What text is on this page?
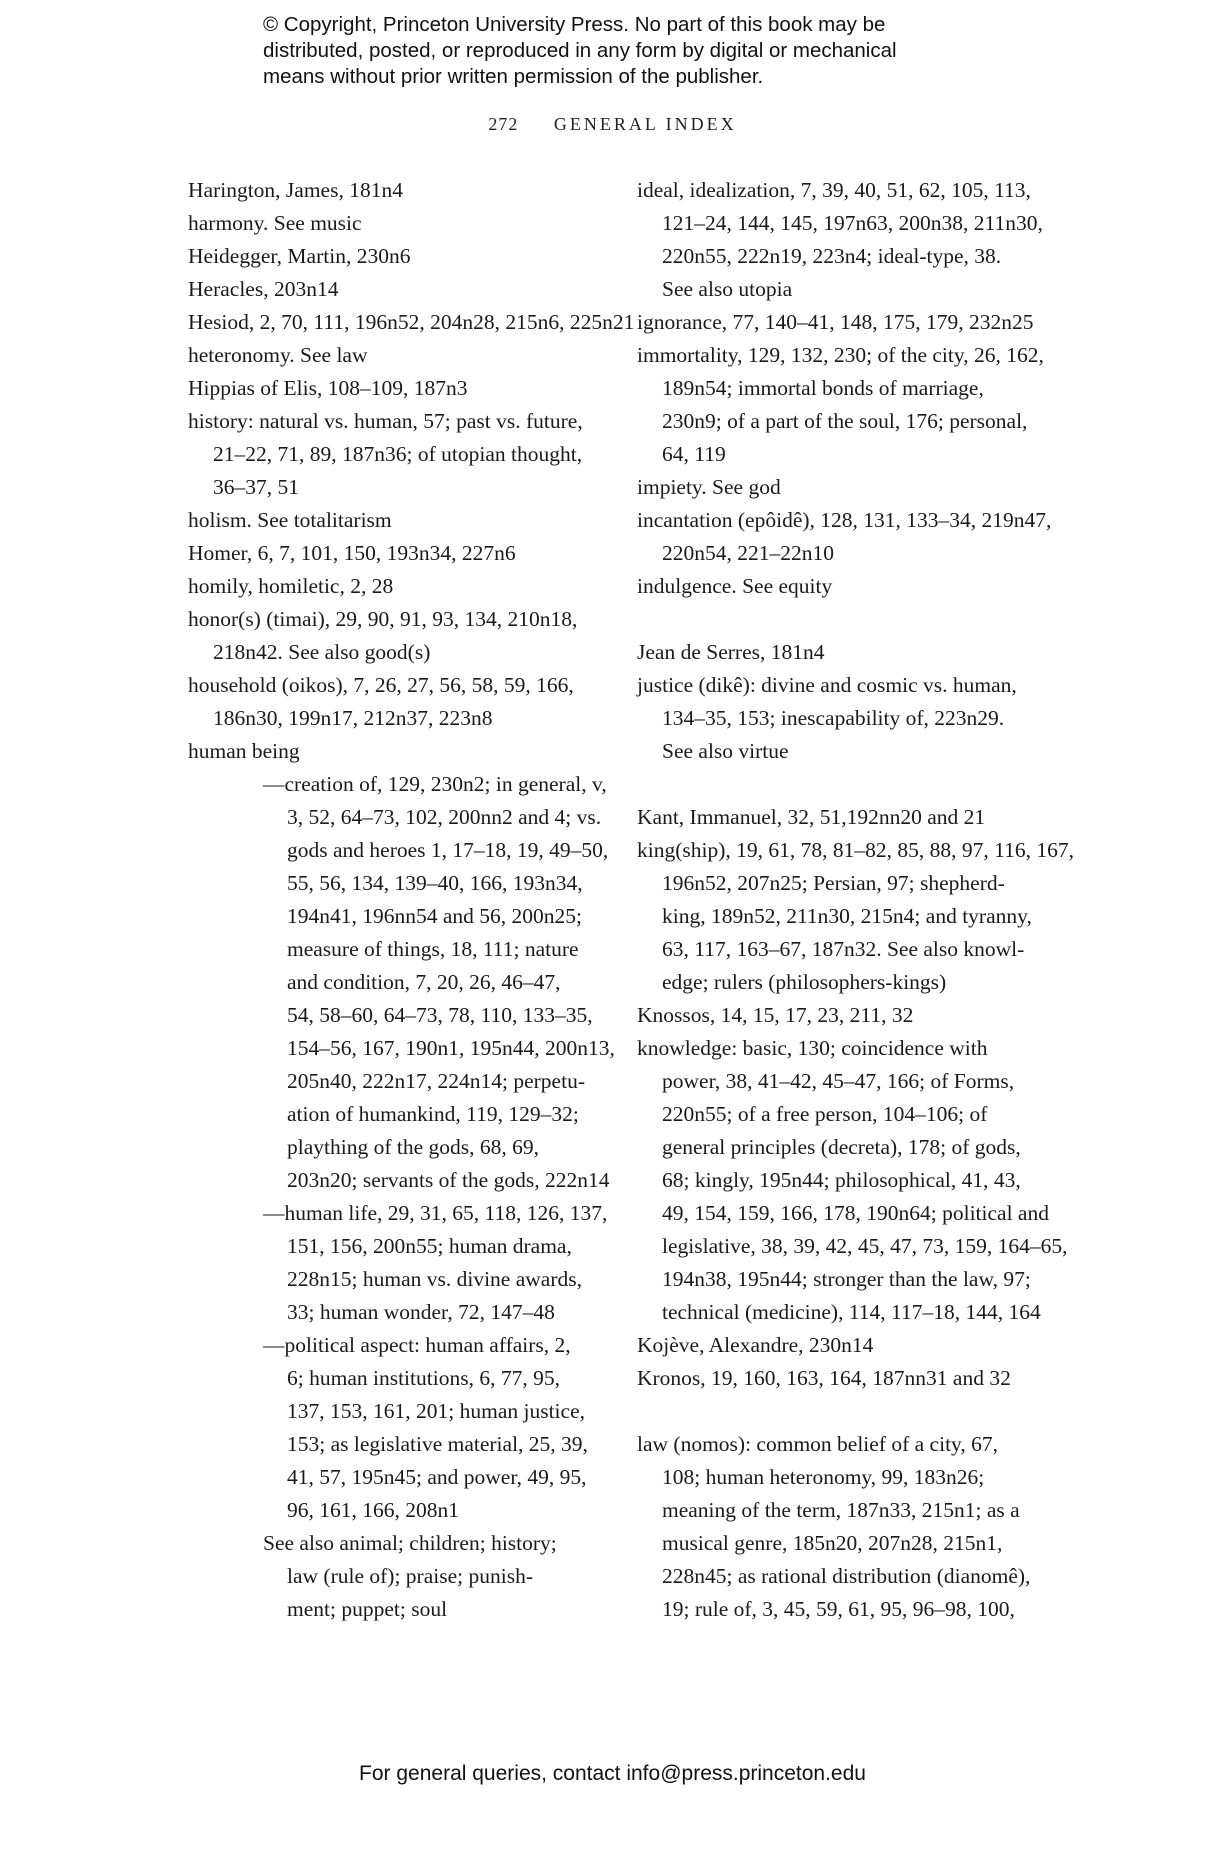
© Copyright, Princeton University Press. No part of this book may be
distributed, posted, or reproduced in any form by digital or mechanical
means without prior written permission of the publisher.
272 GENERAL INDEX
Harington, James, 181n4
harmony. See music
Heidegger, Martin, 230n6
Heracles, 203n14
Hesiod, 2, 70, 111, 196n52, 204n28, 215n6, 225n21
heteronomy. See law
Hippias of Elis, 108–109, 187n3
history: natural vs. human, 57; past vs. future,
21–22, 71, 89, 187n36; of utopian thought,
36–37, 51
holism. See totalitarism
Homer, 6, 7, 101, 150, 193n34, 227n6
homily, homiletic, 2, 28
honor(s) (timai), 29, 90, 91, 93, 134, 210n18,
218n42. See also good(s)
household (oikos), 7, 26, 27, 56, 58, 59, 166,
186n30, 199n17, 212n37, 223n8
human being
—creation of, 129, 230n2; in general, v,
3, 52, 64–73, 102, 200nn2 and 4; vs.
gods and heroes 1, 17–18, 19, 49–50,
55, 56, 134, 139–40, 166, 193n34,
194n41, 196nn54 and 56, 200n25;
measure of things, 18, 111; nature
and condition, 7, 20, 26, 46–47,
54, 58–60, 64–73, 78, 110, 133–35,
154–56, 167, 190n1, 195n44, 200n13,
205n40, 222n17, 224n14; perpetu-
ation of humankind, 119, 129–32;
plaything of the gods, 68, 69,
203n20; servants of the gods, 222n14
—human life, 29, 31, 65, 118, 126, 137,
151, 156, 200n55; human drama,
228n15; human vs. divine awards,
33; human wonder, 72, 147–48
—political aspect: human affairs, 2,
6; human institutions, 6, 77, 95,
137, 153, 161, 201; human justice,
153; as legislative material, 25, 39,
41, 57, 195n45; and power, 49, 95,
96, 161, 166, 208n1
See also animal; children; history;
law (rule of); praise; punish-
ment; puppet; soul
ideal, idealization, 7, 39, 40, 51, 62, 105, 113,
121–24, 144, 145, 197n63, 200n38, 211n30,
220n55, 222n19, 223n4; ideal-type, 38.
See also utopia
ignorance, 77, 140–41, 148, 175, 179, 232n25
immortality, 129, 132, 230; of the city, 26, 162,
189n54; immortal bonds of marriage,
230n9; of a part of the soul, 176; personal,
64, 119
impiety. See god
incantation (epôidê), 128, 131, 133–34, 219n47,
220n54, 221–22n10
indulgence. See equity
Jean de Serres, 181n4
justice (dikê): divine and cosmic vs. human,
134–35, 153; inescapability of, 223n29.
See also virtue
Kant, Immanuel, 32, 51,192nn20 and 21
king(ship), 19, 61, 78, 81–82, 85, 88, 97, 116, 167,
196n52, 207n25; Persian, 97; shepherd-
king, 189n52, 211n30, 215n4; and tyranny,
63, 117, 163–67, 187n32. See also knowl-
edge; rulers (philosophers-kings)
Knossos, 14, 15, 17, 23, 211, 32
knowledge: basic, 130; coincidence with
power, 38, 41–42, 45–47, 166; of Forms,
220n55; of a free person, 104–106; of
general principles (decreta), 178; of gods,
68; kingly, 195n44; philosophical, 41, 43,
49, 154, 159, 166, 178, 190n64; political and
legislative, 38, 39, 42, 45, 47, 73, 159, 164–65,
194n38, 195n44; stronger than the law, 97;
technical (medicine), 114, 117–18, 144, 164
Kojève, Alexandre, 230n14
Kronos, 19, 160, 163, 164, 187nn31 and 32
law (nomos): common belief of a city, 67,
108; human heteronomy, 99, 183n26;
meaning of the term, 187n33, 215n1; as a
musical genre, 185n20, 207n28, 215n1,
228n45; as rational distribution (dianomê),
19; rule of, 3, 45, 59, 61, 95, 96–98, 100,
For general queries, contact info@press.princeton.edu
